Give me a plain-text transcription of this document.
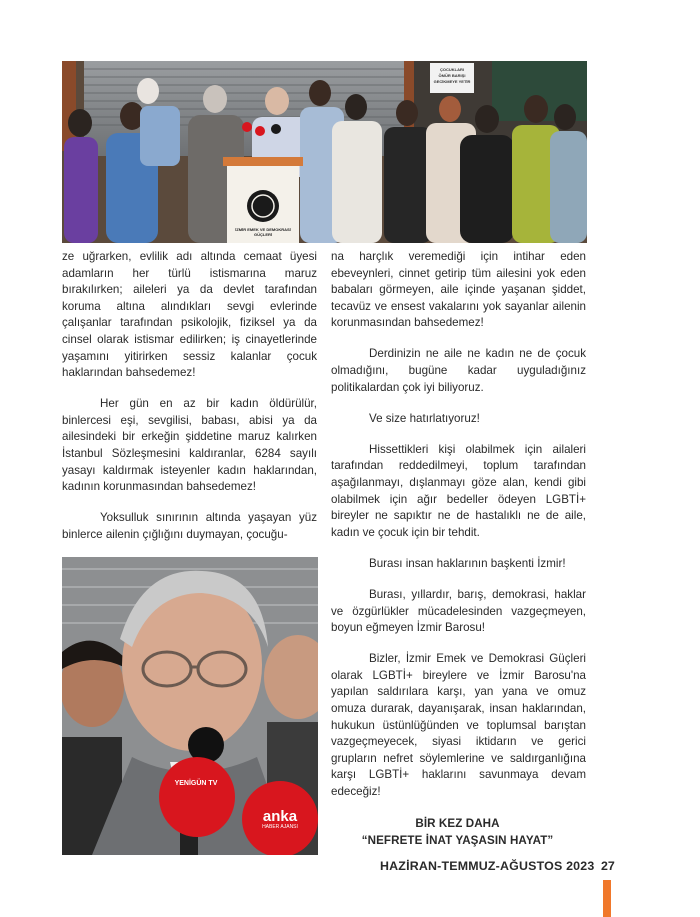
İZMİR EMEK VE DEMOKRASİ
GÜÇLERİ
ÇOCUKLARI
ÖMÜR BARIŞI
GECİKMEYE YETİR

ze uğrarken, evlilik adı altında cemaat üyesi adamların her türlü istismarına maruz bırakılırken; aileleri ya da devlet tarafından koruma altına alındıkları sevgi evlerinde çalışanlar tarafından psikolojik, fiziksel ya da cinsel olarak istismar edilirken; iş cinayetlerinde yaşamını yitirirken sessiz kalanlar çocuk haklarından bahsedemez!

Her gün en az bir kadın öldürülür, binlercesi eşi, sevgilisi, babası, abisi ya da ailesindeki bir erkeğin şiddetine maruz kalırken İstanbul Sözleşmesini kaldıranlar, 6284 sayılı yasayı kaldırmak isteyenler kadın haklarından, kadının korunmasından bahsedemez!

Yoksulluk sınırının altında yaşayan yüz binlerce ailenin çığlığını duymayan, çocuğu-

YENİGÜN TV
anka
HABER AJANSI

na harçlık veremediği için intihar eden ebeveynleri, cinnet getirip tüm ailesini yok eden babaları görmeyen, aile içinde yaşanan şiddet, tecavüz ve ensest vakalarını yok sayanlar ailenin korunmasından bahsedemez!

Derdinizin ne aile ne kadın ne de çocuk olmadığını, bugüne kadar uyguladığınız politikalardan çok iyi biliyoruz.

Ve size hatırlatıyoruz!

Hissettikleri kişi olabilmek için ailaleri tarafından reddedilmeyi, toplum tarafından aşağılanmayı, dışlanmayı göze alan, kendi gibi olabilmek için ağır bedeller ödeyen LGBTİ+ bireyler ne sapıktır ne de hastalıklı ne de aile, kadın ve çocuk için bir tehdit.

Burası insan haklarının başkenti İzmir!

Burası, yıllardır, barış, demokrasi, haklar ve özgürlükler mücadelesinden vazgeçmeyen, boyun eğmeyen İzmir Barosu!

Bizler, İzmir Emek ve Demokrasi Güçleri olarak LGBTİ+ bireylere ve İzmir Barosu'na yapılan saldırılara karşı, yan yana ve omuz omuza durarak, dayanışarak, insan haklarından, hukukun üstünlüğünden ve toplumsal barıştan vazgeçmeyecek, siyasi iktidarın ve gerici grupların nefret söylemlerine ve saldırganlığına karşı LGBTİ+ haklarını savunmaya devam edeceğiz!

BİR KEZ DAHA
“NEFRETE İNAT YAŞASIN HAYAT”
HAZİRAN-TEMMUZ-AĞUSTOS 2023 27
